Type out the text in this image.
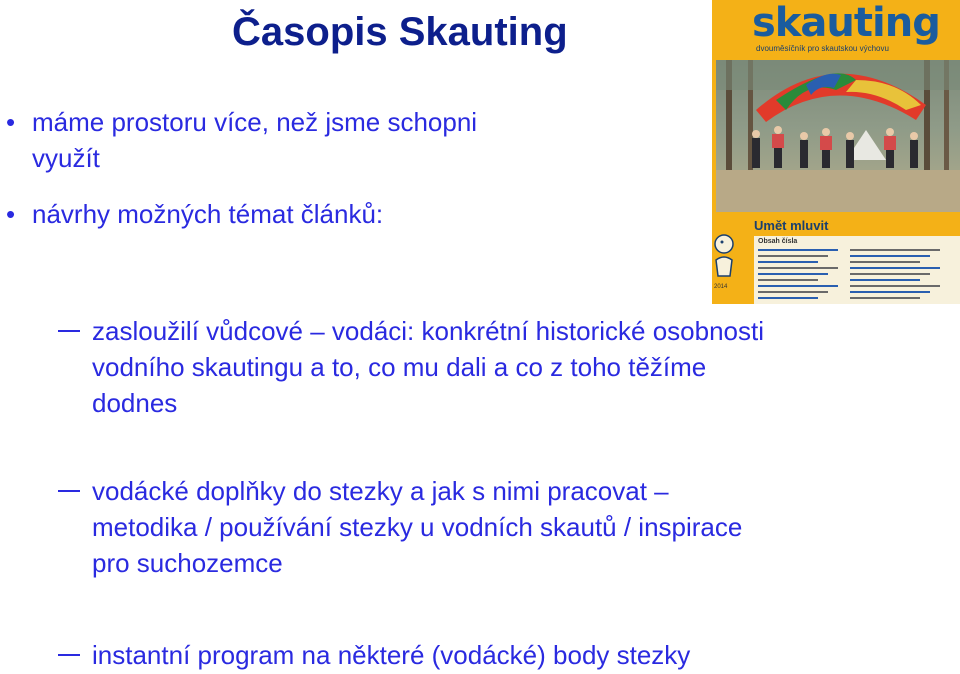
Časopis Skauting
• máme prostoru více, než jsme schopni
využít
• návrhy možných témat článků:
zasloužilí vůdcové – vodáci: konkrétní historické osobnosti
vodního skautingu a to, co mu dali a co z toho těžíme
dodnes
vodácké doplňky do stezky a jak s nimi pracovat –
metodika / používání stezky u vodních skautů / inspirace
pro suchozemce
instantní program na některé (vodácké) body stezky
skauting
dvouměsíčník pro skautskou výchovu
Umět mluvit
Obsah čísla
2014
